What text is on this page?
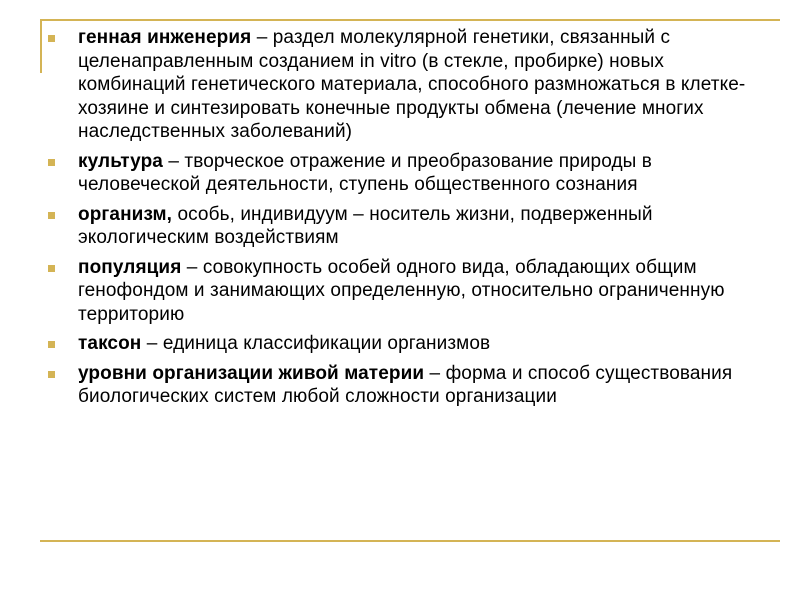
генная инженерия – раздел молекулярной генетики, связанный с целенаправленным созданием in vitro (в стекле, пробирке) новых комбинаций генетического материала, способного размножаться в клетке-хозяине и синтезировать конечные продукты обмена (лечение многих наследственных заболеваний)
культура – творческое отражение и преобразование природы в человеческой деятельности, ступень общественного сознания
организм, особь, индивидуум – носитель жизни, подверженный экологическим воздействиям
популяция – совокупность особей одного вида, обладающих общим генофондом и занимающих определенную, относительно ограниченную территорию
таксон – единица классификации организмов
уровни организации живой материи – форма и способ существования биологических систем любой сложности организации
